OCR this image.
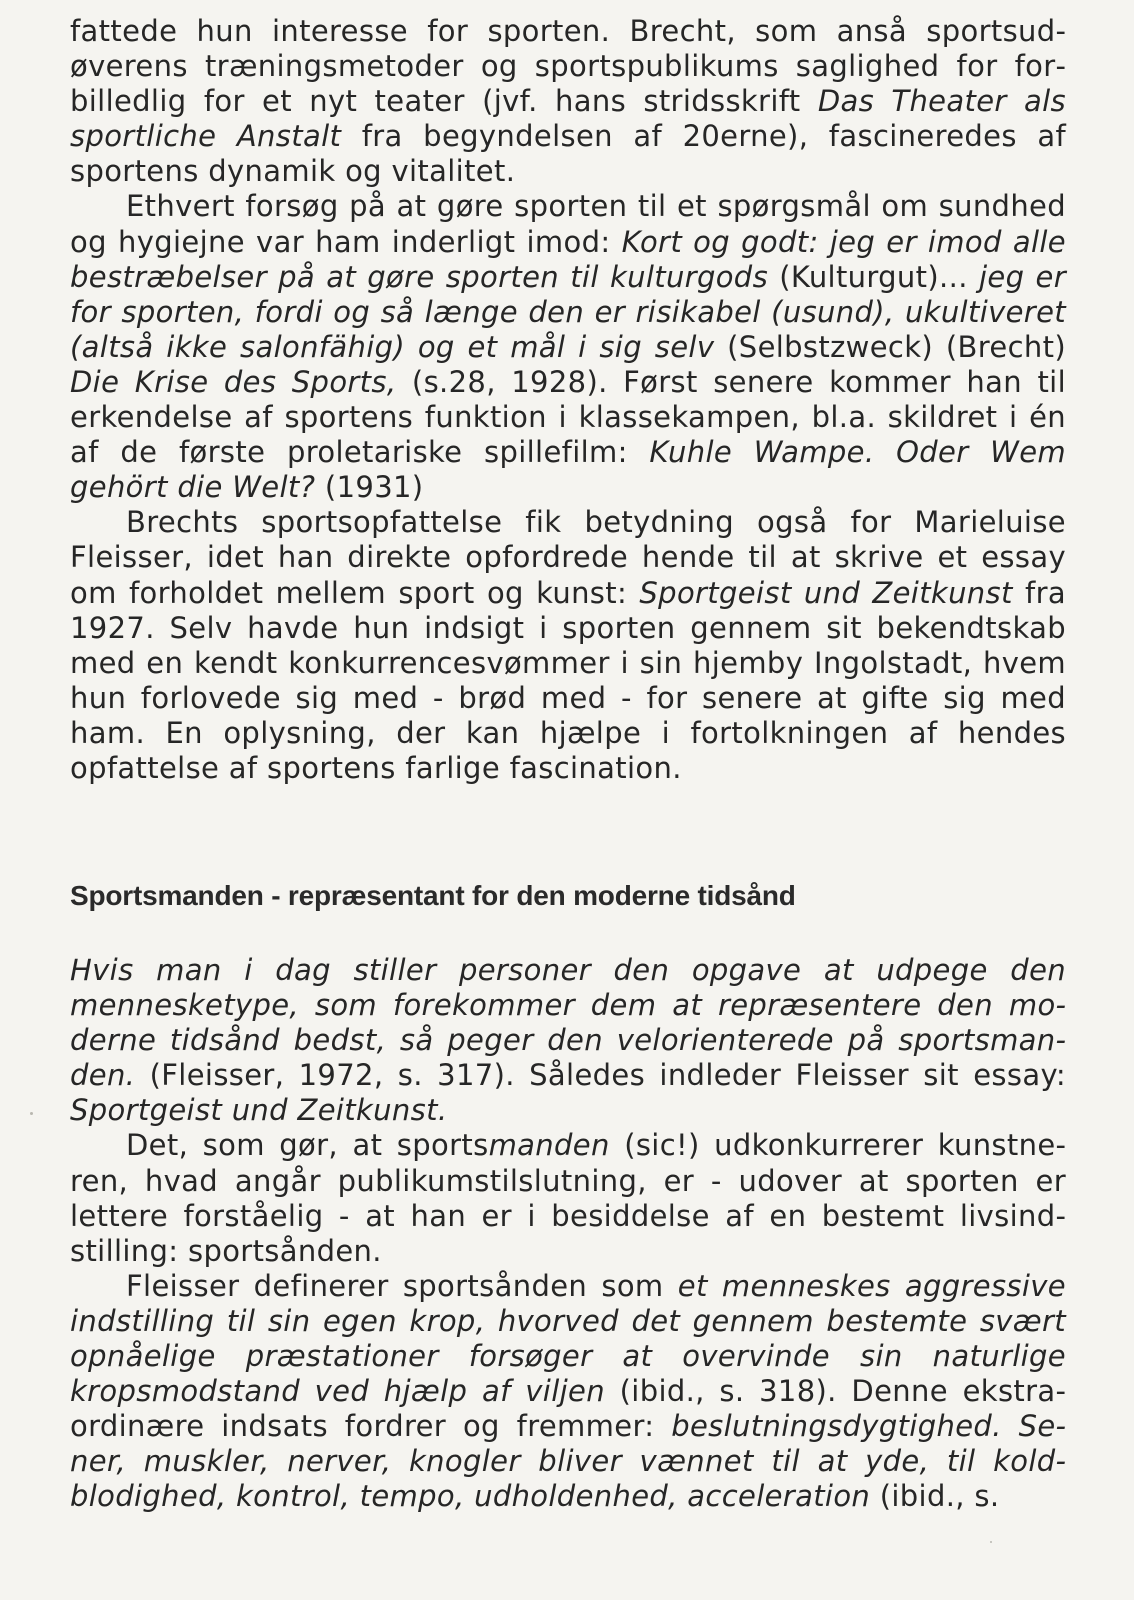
fattede hun interesse for sporten. Brecht, som anså sportsudøverens træningsmetoder og sportspublikums saglighed for forbilledlig for et nyt teater (jvf. hans stridsskrift Das Theater als sportliche Anstalt fra begyndelsen af 20erne), fascineredes af sportens dynamik og vitalitet.

Ethvert forsøg på at gøre sporten til et spørgsmål om sundhed og hygiejne var ham inderligt imod: Kort og godt: jeg er imod alle bestræbelser på at gøre sporten til kulturgods (Kulturgut)... jeg er for sporten, fordi og så længe den er risikabel (usund), ukultiveret (altså ikke salonfähig) og et mål i sig selv (Selbstzweck) (Brecht) Die Krise des Sports, (s.28, 1928). Først senere kommer han til erkendelse af sportens funktion i klassekampen, bl.a. skildret i én af de første proletariske spillefilm: Kuhle Wampe. Oder Wem gehört die Welt? (1931)

Brechts sportsopfattelse fik betydning også for Marieluise Fleisser, idet han direkte opfordrede hende til at skrive et essay om forholdet mellem sport og kunst: Sportgeist und Zeitkunst fra 1927. Selv havde hun indsigt i sporten gennem sit bekendtskab med en kendt konkurrencesvømmer i sin hjemby Ingolstadt, hvem hun forlovede sig med - brød med - for senere at gifte sig med ham. En oplysning, der kan hjælpe i fortolkningen af hendes opfattelse af sportens farlige fascination.

Sportsmanden - repræsentant for den moderne tidsånd

Hvis man i dag stiller personer den opgave at udpege den mennesketype, som forekommer dem at repræsentere den moderne tidsånd bedst, så peger den velorienterede på sportsmanden. (Fleisser, 1972, s. 317). Således indleder Fleisser sit essay: Sportgeist und Zeitkunst.

Det, som gør, at sportsmanden (sic!) udkonkurrerer kunstneren, hvad angår publikumstilslutning, er - udover at sporten er lettere forståelig - at han er i besiddelse af en bestemt livsindstilling: sportsånden.

Fleisser definerer sportsånden som et menneskes aggressive indstilling til sin egen krop, hvorved det gennem bestemte svært opnåelige præstationer forsøger at overvinde sin naturlige kropsmodstand ved hjælp af viljen (ibid., s. 318). Denne ekstraordinære indsats fordrer og fremmer: beslutningsdygtighed. Sener, muskler, nerver, knogler bliver vænnet til at yde, til koldblodighed, kontrol, tempo, udholdenhed, acceleration (ibid., s.
